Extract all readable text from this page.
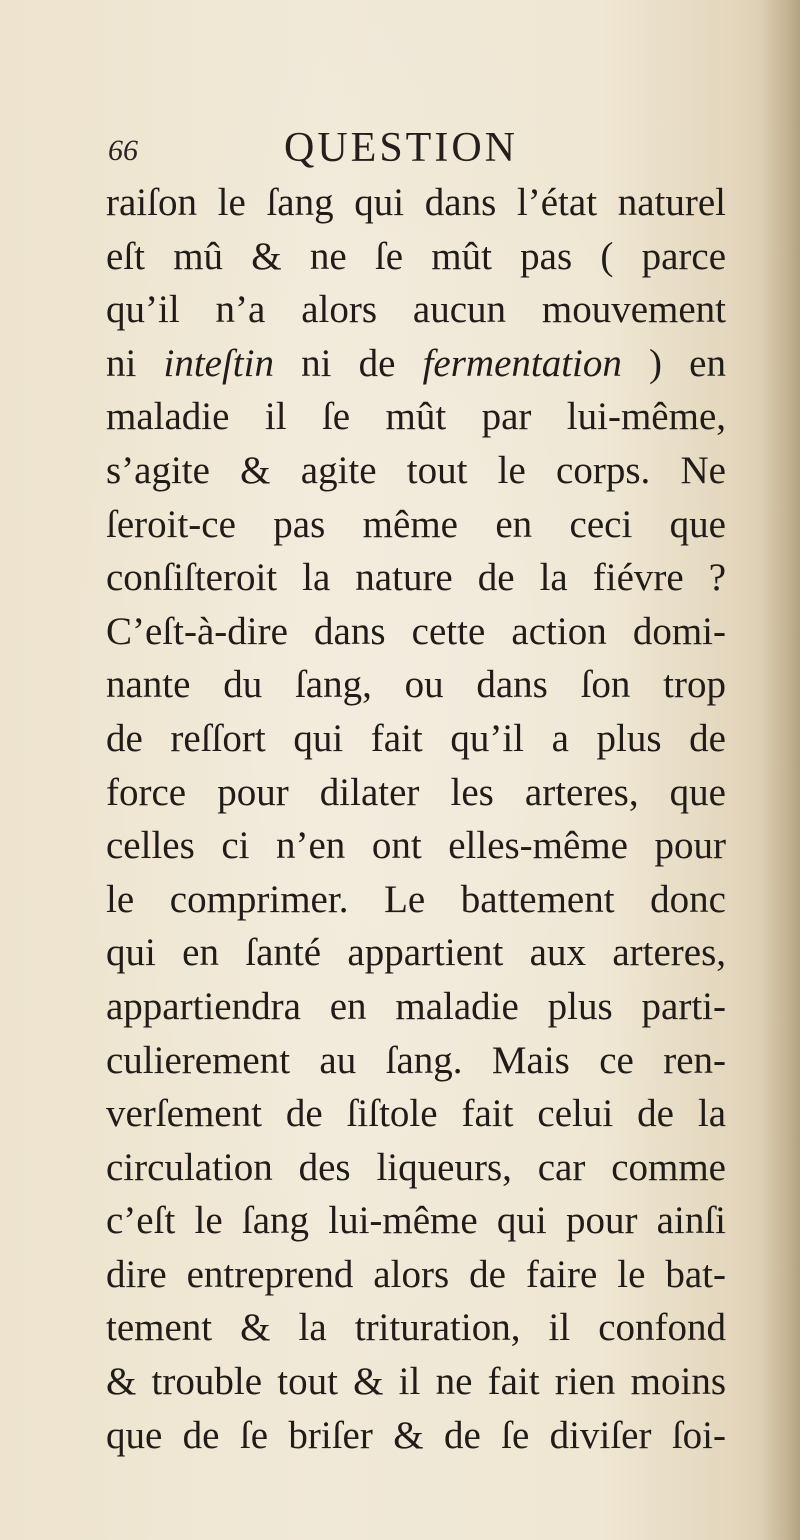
66	QUESTION
raiſon le ſang qui dans l’état naturel
eſt mû & ne ſe mût pas ( parce
qu’il n’a alors aucun mouvement
ni inteſtin ni de fermentation ) en
maladie il ſe mût par lui-même,
s’agite & agite tout le corps. Ne
ſeroit-ce pas même en ceci que
conſiſteroit la nature de la fiévre ?
C’eſt-à-dire dans cette action domi-
nante du ſang, ou dans ſon trop
de reſſort qui fait qu’il a plus de
force pour dilater les arteres, que
celles ci n’en ont elles-même pour
le comprimer. Le battement donc
qui en ſanté appartient aux arteres,
appartiendra en maladie plus parti-
culierement au ſang. Mais ce ren-
verſement de ſiſtole fait celui de la
circulation des liqueurs, car comme
c’eſt le ſang lui-même qui pour ainſi
dire entreprend alors de faire le bat-
tement & la trituration, il confond
& trouble tout & il ne fait rien moins
que de ſe briſer & de ſe diviſer ſoi-
